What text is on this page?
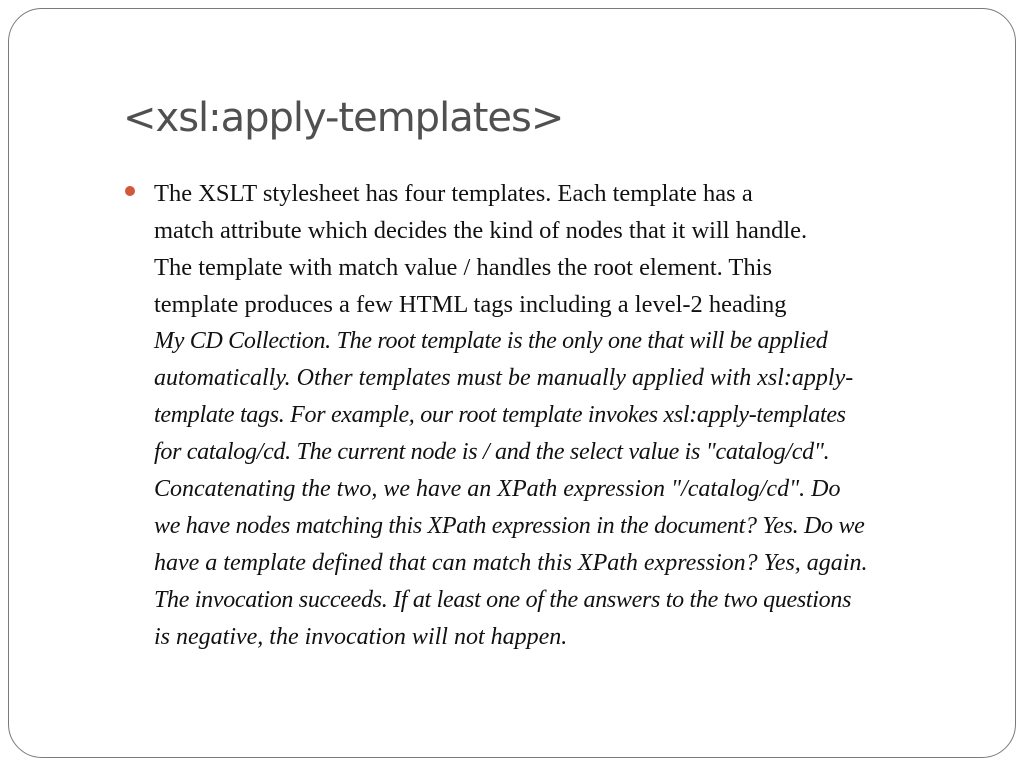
<xsl:apply-templates>
The XSLT stylesheet has four templates. Each template has a
match attribute which decides the kind of nodes that it will handle.
The template with match value / handles the root element. This
template produces a few HTML tags including a level-2 heading
My CD Collection. The root template is the only one that will be applied
automatically. Other templates must be manually applied with xsl:apply-
template tags. For example, our root template invokes xsl:apply-templates
for catalog/cd. The current node is / and the select value is "catalog/cd".
Concatenating the two, we have an XPath expression "/catalog/cd". Do
we have nodes matching this XPath expression in the document? Yes. Do we
have a template defined that can match this XPath expression? Yes, again.
The invocation succeeds. If at least one of the answers to the two questions
is negative, the invocation will not happen.
